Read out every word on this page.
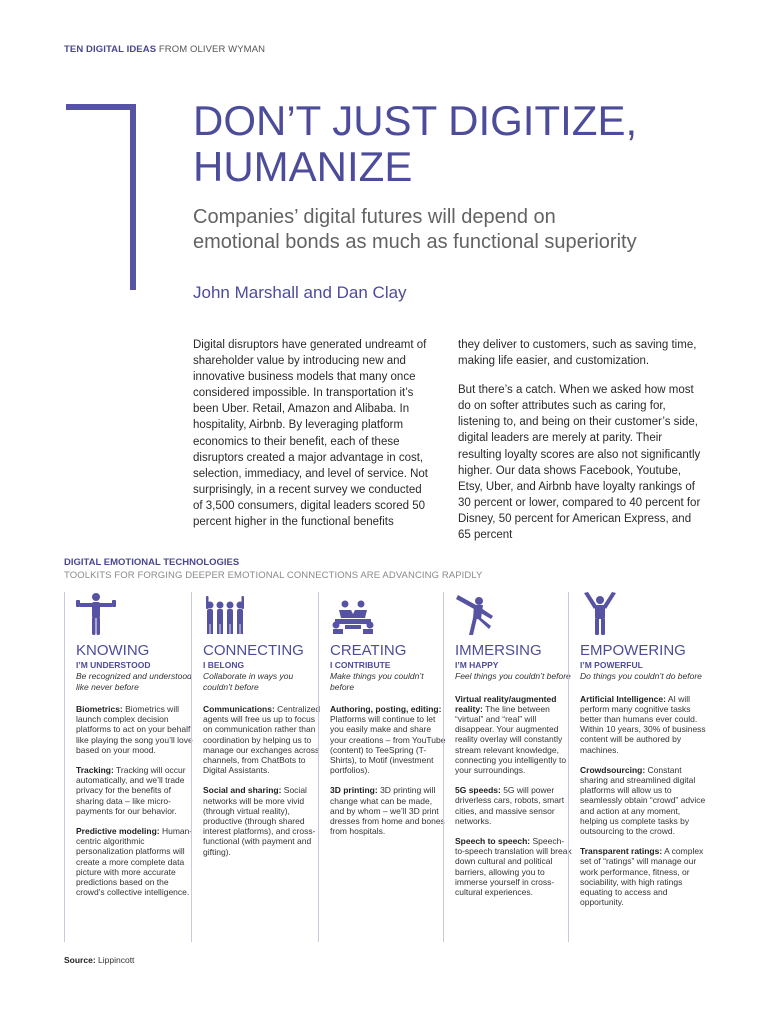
TEN DIGITAL IDEAS FROM OLIVER WYMAN
DON’T JUST DIGITIZE,
HUMANIZE

Companies’ digital futures will depend on
emotional bonds as much as functional superiority

John Marshall and Dan Clay

Digital disruptors have generated undreamt of shareholder value by introducing new and innovative business models that many once considered impossible. In transportation it’s been Uber. Retail, Amazon and Alibaba. In hospitality, Airbnb. By leveraging platform economics to their benefit, each of these disruptors created a major advantage in cost, selection, immediacy, and level of service. Not surprisingly, in a recent survey we conducted of 3,500 consumers, digital leaders scored 50 percent higher in the functional benefits

they deliver to customers, such as saving time, making life easier, and customization.

But there’s a catch. When we asked how most do on softer attributes such as caring for, listening to, and being on their customer’s side, digital leaders are merely at parity. Their resulting loyalty scores are also not significantly higher. Our data shows Facebook, Youtube, Etsy, Uber, and Airbnb have loyalty rankings of 30 percent or lower, compared to 40 percent for Disney, 50 percent for American Express, and 65 percent

DIGITAL EMOTIONAL TECHNOLOGIES
TOOLKITS FOR FORGING DEEPER EMOTIONAL CONNECTIONS ARE ADVANCING RAPIDLY
KNOWING
I’M UNDERSTOOD
Be recognized and understood like never before
Biometrics: Biometrics will launch complex decision platforms to act on your behalf like playing the song you’ll love based on your mood.
Tracking: Tracking will occur automatically, and we’ll trade privacy for the benefits of sharing data – like micro-payments for our behavior.
Predictive modeling: Human-centric algorithmic personalization platforms will create a more complete data picture with more accurate predictions based on the crowd’s collective intelligence.
CONNECTING
I BELONG
Collaborate in ways you couldn’t before
Communications: Centralized agents will free us up to focus on communication rather than coordination by helping us to manage our exchanges across channels, from ChatBots to Digital Assistants.
Social and sharing: Social networks will be more vivid (through virtual reality), productive (through shared interest platforms), and cross-functional (with payment and gifting).
CREATING
I CONTRIBUTE
Make things you couldn’t before
Authoring, posting, editing: Platforms will continue to let you easily make and share your creations – from YouTube (content) to TeeSpring (T-Shirts), to Motif (investment portfolios).
3D printing: 3D printing will change what can be made, and by whom – we’ll 3D print dresses from home and bones from hospitals.
IMMERSING
I’M HAPPY
Feel things you couldn’t before
Virtual reality/augmented reality: The line between “virtual” and “real” will disappear. Your augmented reality overlay will constantly stream relevant knowledge, connecting you intelligently to your surroundings.
5G speeds: 5G will power driverless cars, robots, smart cities, and massive sensor networks.
Speech to speech: Speech-to-speech translation will break down cultural and political barriers, allowing you to immerse yourself in cross-cultural experiences.
EMPOWERING
I’M POWERFUL
Do things you couldn’t do before
Artificial Intelligence: AI will perform many cognitive tasks better than humans ever could. Within 10 years, 30% of business content will be authored by machines.
Crowdsourcing: Constant sharing and streamlined digital platforms will allow us to seamlessly obtain “crowd” advice and action at any moment, helping us complete tasks by outsourcing to the crowd.
Transparent ratings: A complex set of “ratings” will manage our work performance, fitness, or sociability, with high ratings equating to access and opportunity.
Source: Lippincott
